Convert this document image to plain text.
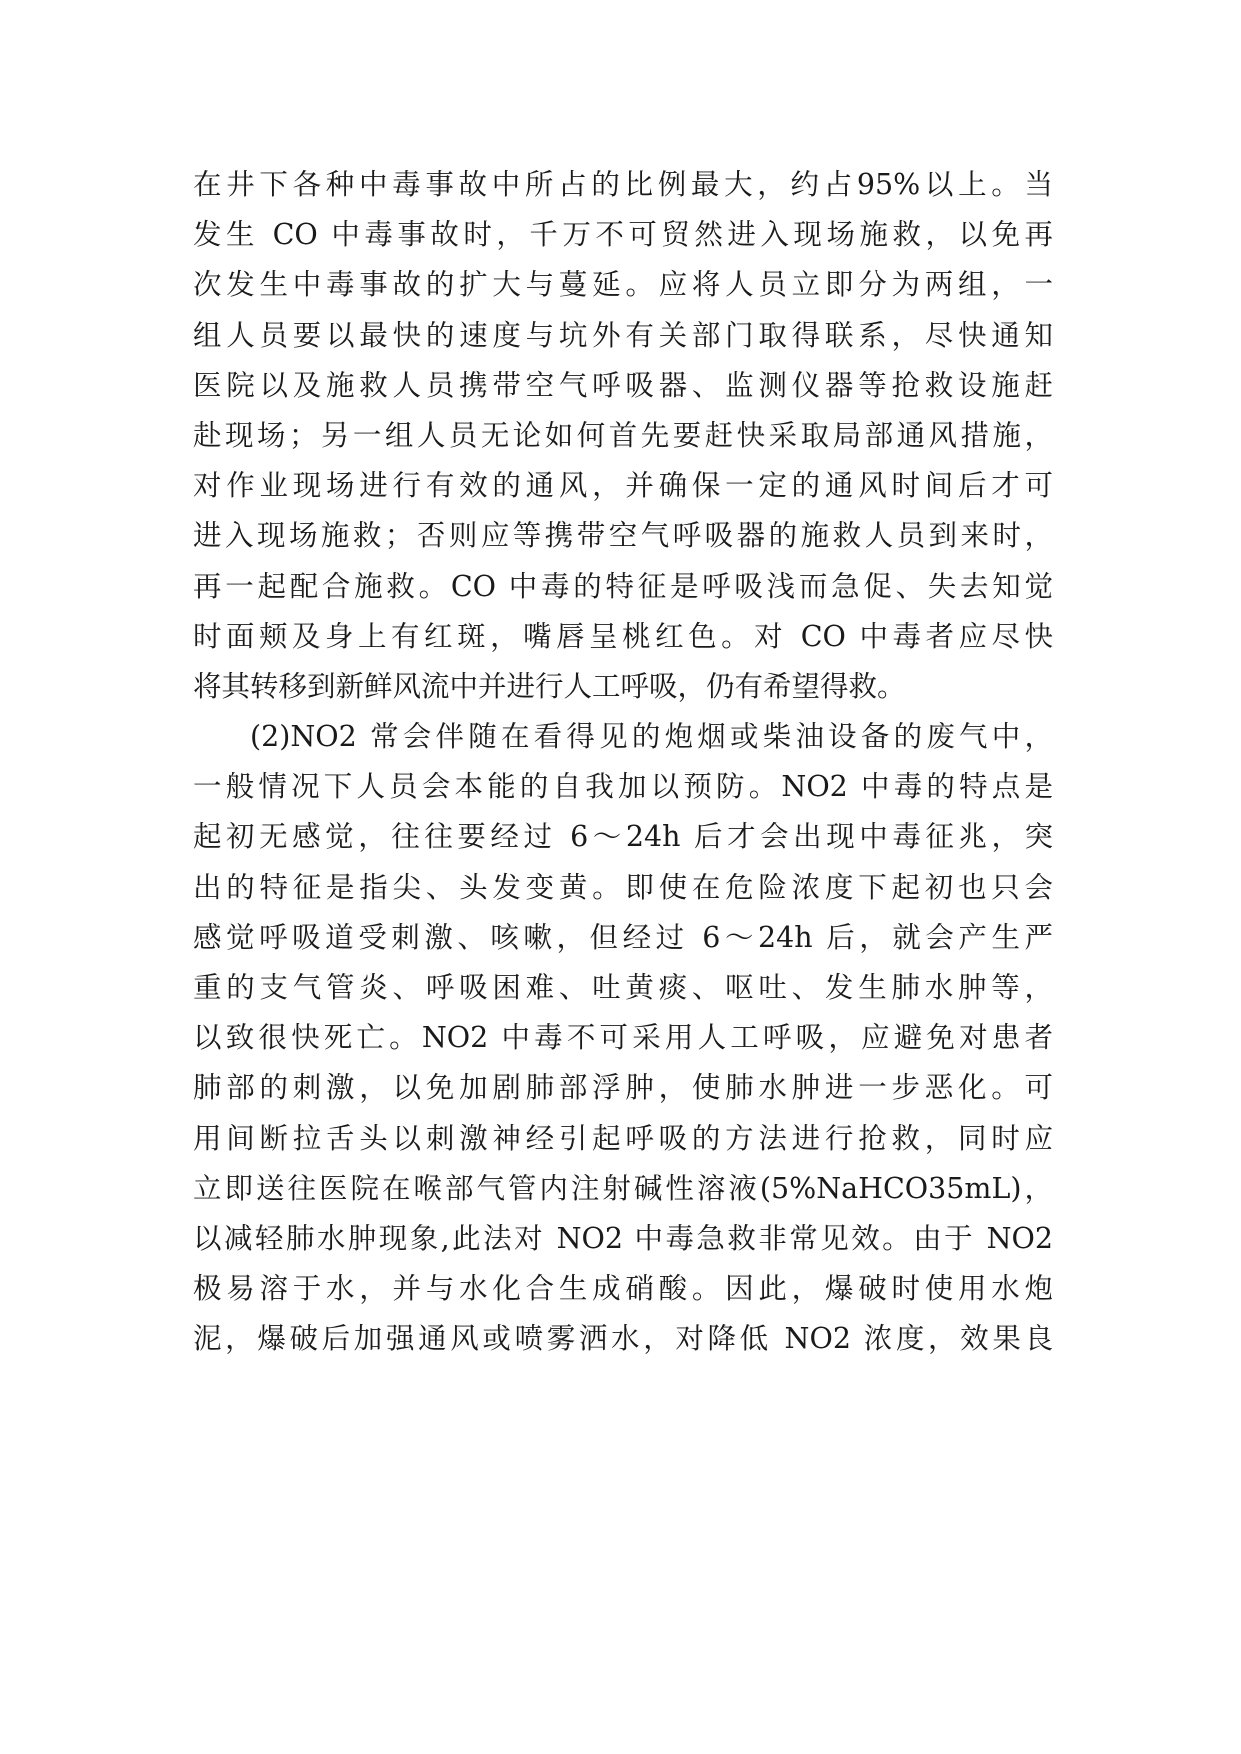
在井下各种中毒事故中所占的比例最大，约占95%以上。当
发生 CO 中毒事故时，千万不可贸然进入现场施救，以免再
次发生中毒事故的扩大与蔓延。应将人员立即分为两组，一
组人员要以最快的速度与坑外有关部门取得联系，尽快通知
医院以及施救人员携带空气呼吸器、监测仪器等抢救设施赶
赴现场；另一组人员无论如何首先要赶快采取局部通风措施，
对作业现场进行有效的通风，并确保一定的通风时间后才可
进入现场施救；否则应等携带空气呼吸器的施救人员到来时，
再一起配合施救。CO 中毒的特征是呼吸浅而急促、失去知觉
时面颊及身上有红斑，嘴唇呈桃红色。对 CO 中毒者应尽快
将其转移到新鲜风流中并进行人工呼吸，仍有希望得救。
(2)NO2 常会伴随在看得见的炮烟或柴油设备的废气中，
一般情况下人员会本能的自我加以预防。NO2 中毒的特点是
起初无感觉，往往要经过 6～24h 后才会出现中毒征兆，突
出的特征是指尖、头发变黄。即使在危险浓度下起初也只会
感觉呼吸道受刺激、咳嗽，但经过 6～24h 后，就会产生严
重的支气管炎、呼吸困难、吐黄痰、呕吐、发生肺水肿等，
以致很快死亡。NO2 中毒不可采用人工呼吸，应避免对患者
肺部的刺激，以免加剧肺部浮肿，使肺水肿进一步恶化。可
用间断拉舌头以刺激神经引起呼吸的方法进行抢救，同时应
立即送往医院在喉部气管内注射碱性溶液(5%NaHCO35mL)，
以减轻肺水肿现象,此法对 NO2 中毒急救非常见效。由于 NO2
极易溶于水，并与水化合生成硝酸。因此，爆破时使用水炮
泥，爆破后加强通风或喷雾洒水，对降低 NO2 浓度，效果良
